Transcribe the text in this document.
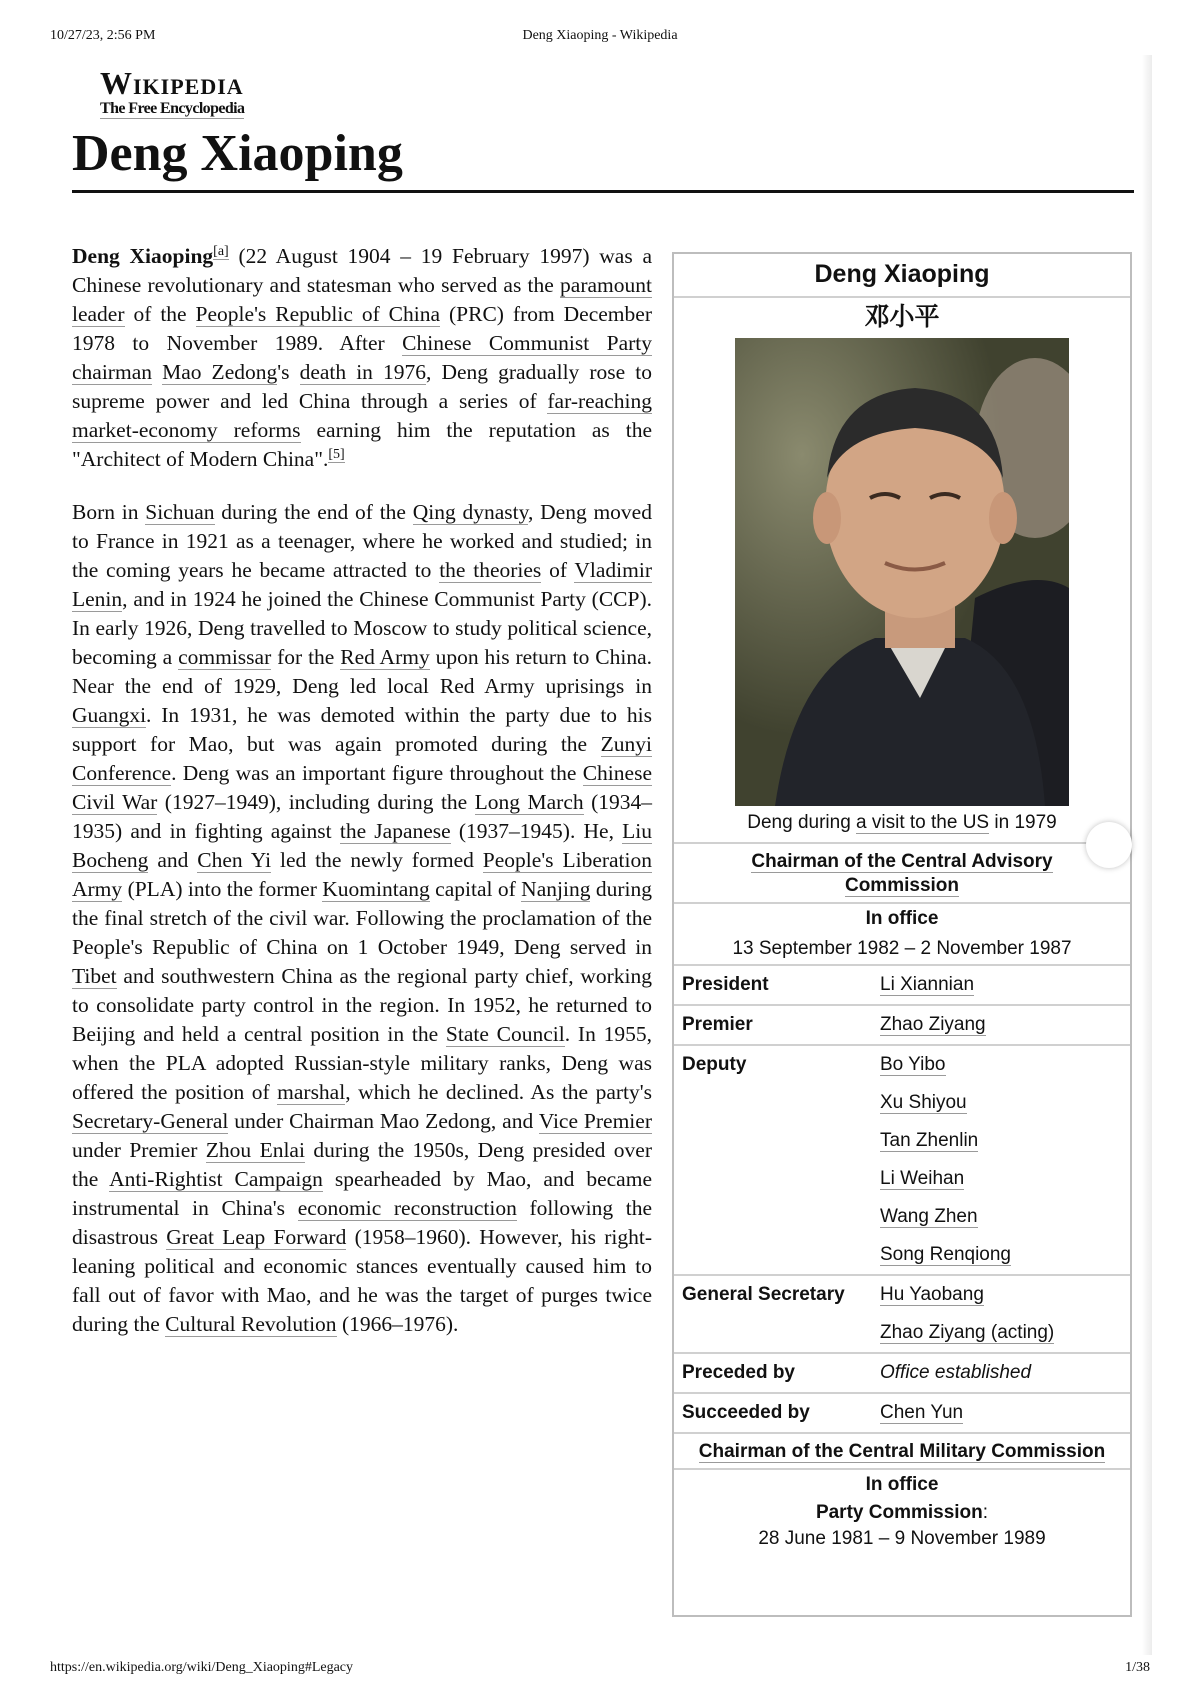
10/27/23, 2:56 PM	Deng Xiaoping - Wikipedia
Wikipedia
The Free Encyclopedia
Deng Xiaoping

Deng Xiaoping[a] (22 August 1904 – 19 February 1997) was a Chinese revolutionary and statesman who served as the paramount leader of the People's Republic of China (PRC) from December 1978 to November 1989. After Chinese Communist Party chairman Mao Zedong's death in 1976, Deng gradually rose to supreme power and led China through a series of far-reaching market-economy reforms earning him the reputation as the "Architect of Modern China".[5]

Born in Sichuan during the end of the Qing dynasty, Deng moved to France in 1921 as a teenager, where he worked and studied; in the coming years he became attracted to the theories of Vladimir Lenin, and in 1924 he joined the Chinese Communist Party (CCP). In early 1926, Deng travelled to Moscow to study political science, becoming a commissar for the Red Army upon his return to China. Near the end of 1929, Deng led local Red Army uprisings in Guangxi. In 1931, he was demoted within the party due to his support for Mao, but was again promoted during the Zunyi Conference. Deng was an important figure throughout the Chinese Civil War (1927–1949), including during the Long March (1934–1935) and in fighting against the Japanese (1937–1945). He, Liu Bocheng and Chen Yi led the newly formed People's Liberation Army (PLA) into the former Kuomintang capital of Nanjing during the final stretch of the civil war. Following the proclamation of the People's Republic of China on 1 October 1949, Deng served in Tibet and southwestern China as the regional party chief, working to consolidate party control in the region. In 1952, he returned to Beijing and held a central position in the State Council. In 1955, when the PLA adopted Russian-style military ranks, Deng was offered the position of marshal, which he declined. As the party's Secretary-General under Chairman Mao Zedong, and Vice Premier under Premier Zhou Enlai during the 1950s, Deng presided over the Anti-Rightist Campaign spearheaded by Mao, and became instrumental in China's economic reconstruction following the disastrous Great Leap Forward (1958–1960). However, his right-leaning political and economic stances eventually caused him to fall out of favor with Mao, and he was the target of purges twice during the Cultural Revolution (1966–1976).

Deng Xiaoping
邓小平
Deng during a visit to the US in 1979
Chairman of the Central Advisory Commission
In office
13 September 1982 – 2 November 1987
President	Li Xiannian
Premier	Zhao Ziyang
Deputy	Bo Yibo
Xu Shiyou
Tan Zhenlin
Li Weihan
Wang Zhen
Song Renqiong
General Secretary	Hu Yaobang
Zhao Ziyang (acting)
Preceded by	Office established
Succeeded by	Chen Yun
Chairman of the Central Military Commission
In office
Party Commission:
28 June 1981 – 9 November 1989
https://en.wikipedia.org/wiki/Deng_Xiaoping#Legacy	1/38
